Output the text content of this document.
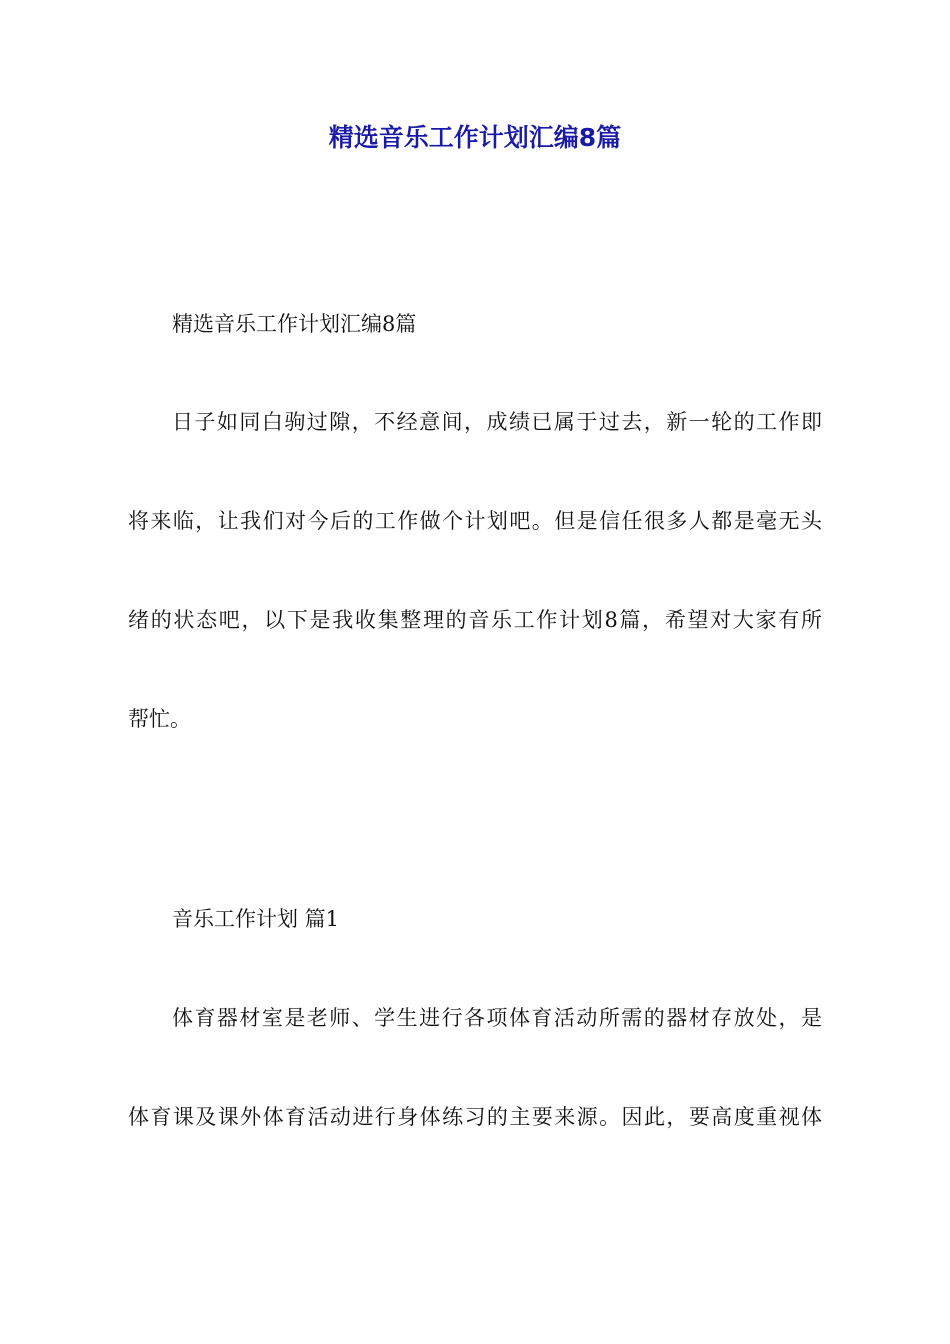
精选音乐工作计划汇编8篇

精选音乐工作计划汇编8篇

日子如同白驹过隙，不经意间，成绩已属于过去，新一轮的工作即

将来临，让我们对今后的工作做个计划吧。但是信任很多人都是毫无头

绪的状态吧，以下是我收集整理的音乐工作计划8篇，希望对大家有所

帮忙。

音乐工作计划 篇1

体育器材室是老师、学生进行各项体育活动所需的器材存放处，是

体育课及课外体育活动进行身体练习的主要来源。因此，要高度重视体
